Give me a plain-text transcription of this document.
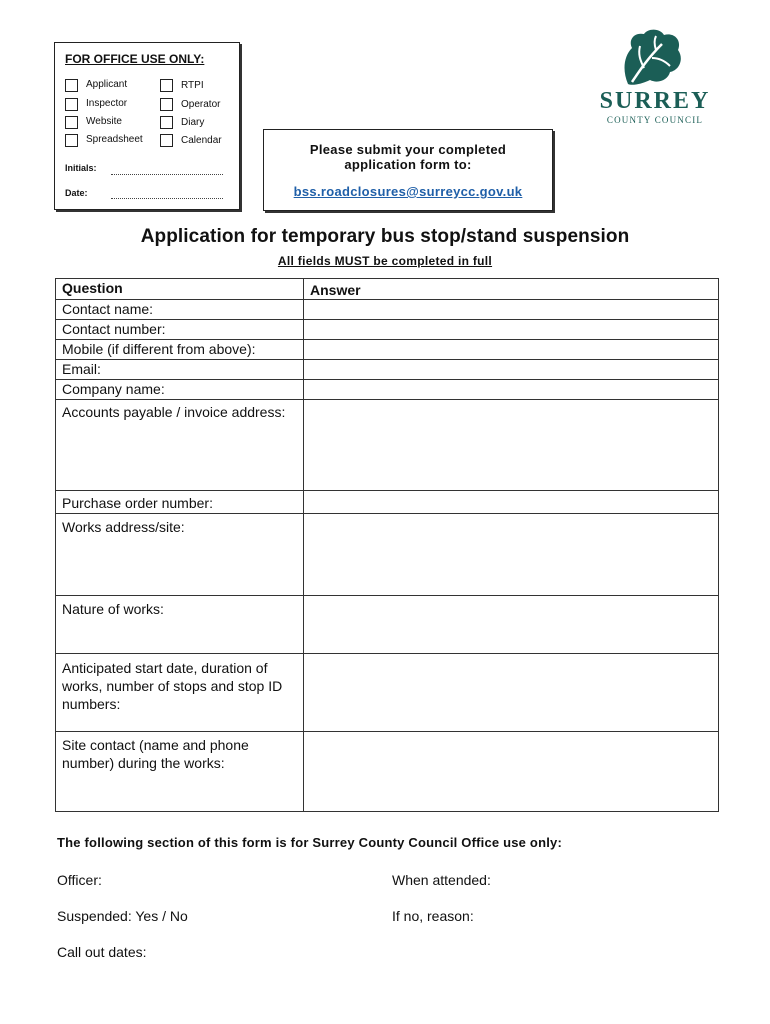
FOR OFFICE USE ONLY:
Applicant
Inspector
Website
Spreadsheet
RTPI
Operator
Diary
Calendar
Initials:
Date:
Please submit your completed
application form to:
bss.roadclosures@surreycc.gov.uk
SURREY
COUNTY COUNCIL
Application for temporary bus stop/stand suspension
All fields MUST be completed in full
Question	Answer
Contact name:	
Contact number:	
Mobile (if different from above):	
Email:	
Company name:	
Accounts payable / invoice address:	
Purchase order number:	
Works address/site:	
Nature of works:	
Anticipated start date, duration of works, number of stops and stop ID numbers:	
Site contact (name and phone number) during the works:	
The following section of this form is for Surrey County Council Office use only:
Officer:	When attended:
Suspended: Yes / No	If no, reason:
Call out dates:
